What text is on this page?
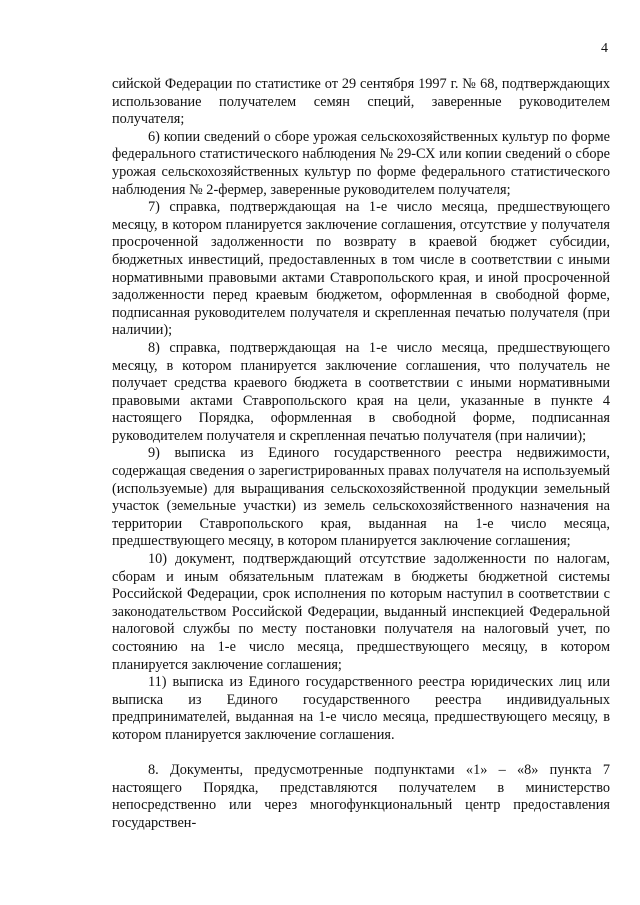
4

сийской Федерации по статистике от 29 сентября 1997 г. № 68, подтверждающих использование получателем семян специй, заверенные руководителем получателя;

6) копии сведений о сборе урожая сельскохозяйственных культур по форме федерального статистического наблюдения № 29-СХ или копии сведений о сборе урожая сельскохозяйственных культур по форме федерального статистического наблюдения № 2-фермер, заверенные руководителем получателя;

7) справка, подтверждающая на 1-е число месяца, предшествующего месяцу, в котором планируется заключение соглашения, отсутствие у получателя просроченной задолженности по возврату в краевой бюджет субсидии, бюджетных инвестиций, предоставленных в том числе в соответствии с иными нормативными правовыми актами Ставропольского края, и иной просроченной задолженности перед краевым бюджетом, оформленная в свободной форме, подписанная руководителем получателя и скрепленная печатью получателя (при наличии);

8) справка, подтверждающая на 1-е число месяца, предшествующего месяцу, в котором планируется заключение соглашения, что получатель не получает средства краевого бюджета в соответствии с иными нормативными правовыми актами Ставропольского края на цели, указанные в пункте 4 настоящего Порядка, оформленная в свободной форме, подписанная руководителем получателя и скрепленная печатью получателя (при наличии);

9) выписка из Единого государственного реестра недвижимости, содержащая сведения о зарегистрированных правах получателя на используемый (используемые) для выращивания сельскохозяйственной продукции земельный участок (земельные участки) из земель сельскохозяйственного назначения на территории Ставропольского края, выданная на 1-е число месяца, предшествующего месяцу, в котором планируется заключение соглашения;

10) документ, подтверждающий отсутствие задолженности по налогам, сборам и иным обязательным платежам в бюджеты бюджетной системы Российской Федерации, срок исполнения по которым наступил в соответствии с законодательством Российской Федерации, выданный инспекцией Федеральной налоговой службы по месту постановки получателя на налоговый учет, по состоянию на 1-е число месяца, предшествующего месяцу, в котором планируется заключение соглашения;

11) выписка из Единого государственного реестра юридических лиц или выписка из Единого государственного реестра индивидуальных предпринимателей, выданная на 1-е число месяца, предшествующего месяцу, в котором планируется заключение соглашения.

8. Документы, предусмотренные подпунктами «1» – «8» пункта 7 настоящего Порядка, представляются получателем в министерство непосредственно или через многофункциональный центр предоставления государствен-
